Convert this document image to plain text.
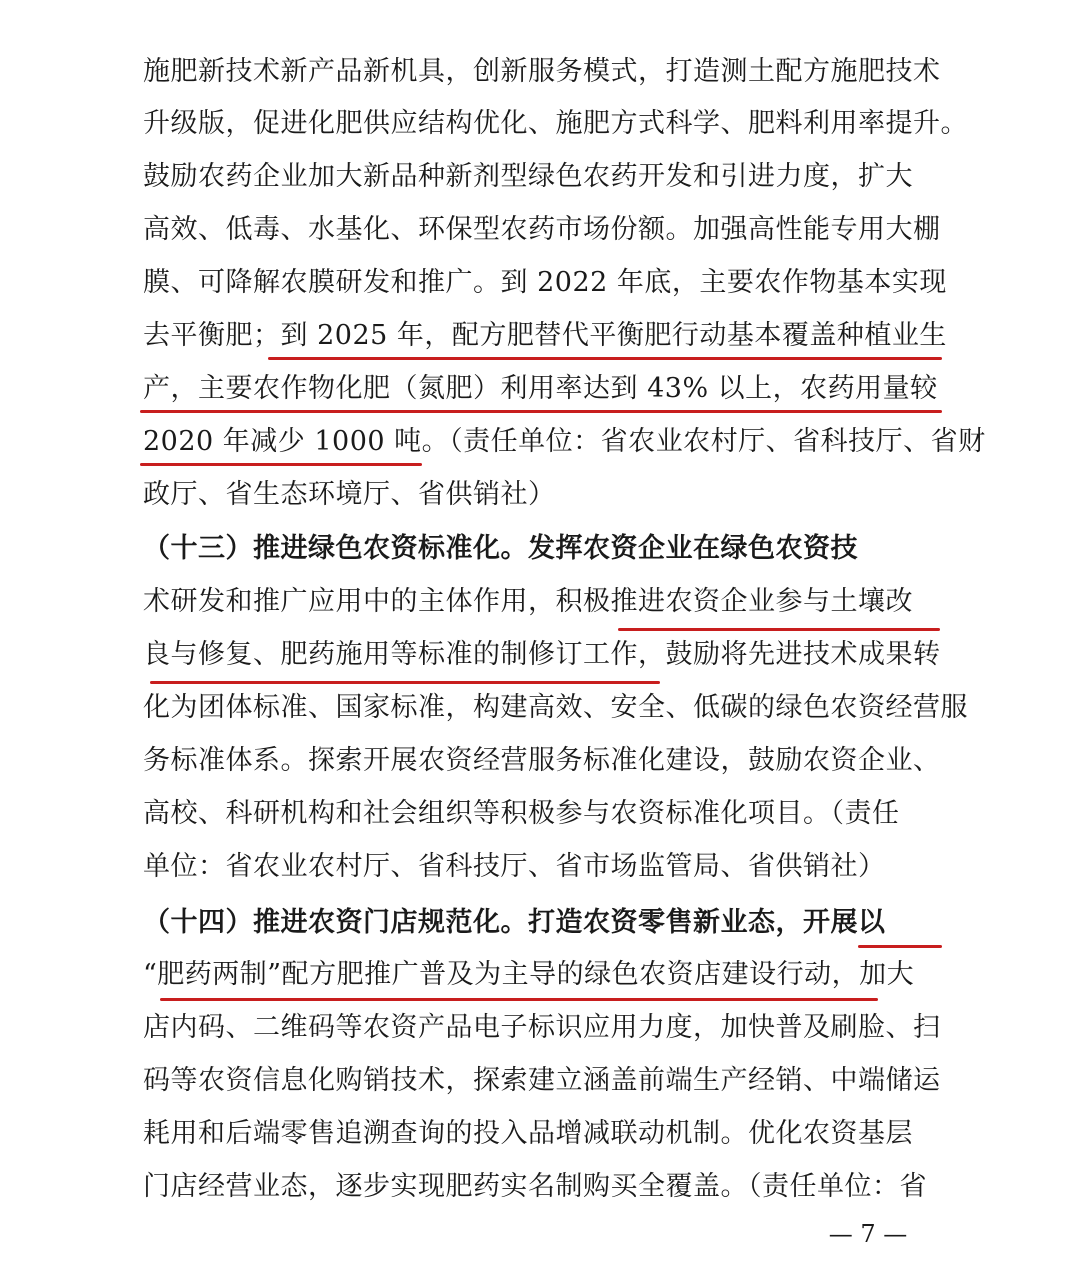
施肥新技术新产品新机具，创新服务模式，打造测土配方施肥技术
升级版，促进化肥供应结构优化、施肥方式科学、肥料利用率提升。
鼓励农药企业加大新品种新剂型绿色农药开发和引进力度，扩大
高效、低毒、水基化、环保型农药市场份额。加强高性能专用大棚
膜、可降解农膜研发和推广。到 2022 年底，主要农作物基本实现
去平衡肥；到 2025 年，配方肥替代平衡肥行动基本覆盖种植业生
产，主要农作物化肥（氮肥）利用率达到 43% 以上，农药用量较
2020 年减少 1000 吨。（责任单位：省农业农村厅、省科技厅、省财
政厅、省生态环境厅、省供销社）
（十三）推进绿色农资标准化。发挥农资企业在绿色农资技
术研发和推广应用中的主体作用，积极推进农资企业参与土壤改
良与修复、肥药施用等标准的制修订工作，鼓励将先进技术成果转
化为团体标准、国家标准，构建高效、安全、低碳的绿色农资经营服
务标准体系。探索开展农资经营服务标准化建设，鼓励农资企业、
高校、科研机构和社会组织等积极参与农资标准化项目。（责任
单位：省农业农村厅、省科技厅、省市场监管局、省供销社）
（十四）推进农资门店规范化。打造农资零售新业态，开展以
“肥药两制”配方肥推广普及为主导的绿色农资店建设行动，加大
店内码、二维码等农资产品电子标识应用力度，加快普及刷脸、扫
码等农资信息化购销技术，探索建立涵盖前端生产经销、中端储运
耗用和后端零售追溯查询的投入品增减联动机制。优化农资基层
门店经营业态，逐步实现肥药实名制购买全覆盖。（责任单位：省
— 7 —
